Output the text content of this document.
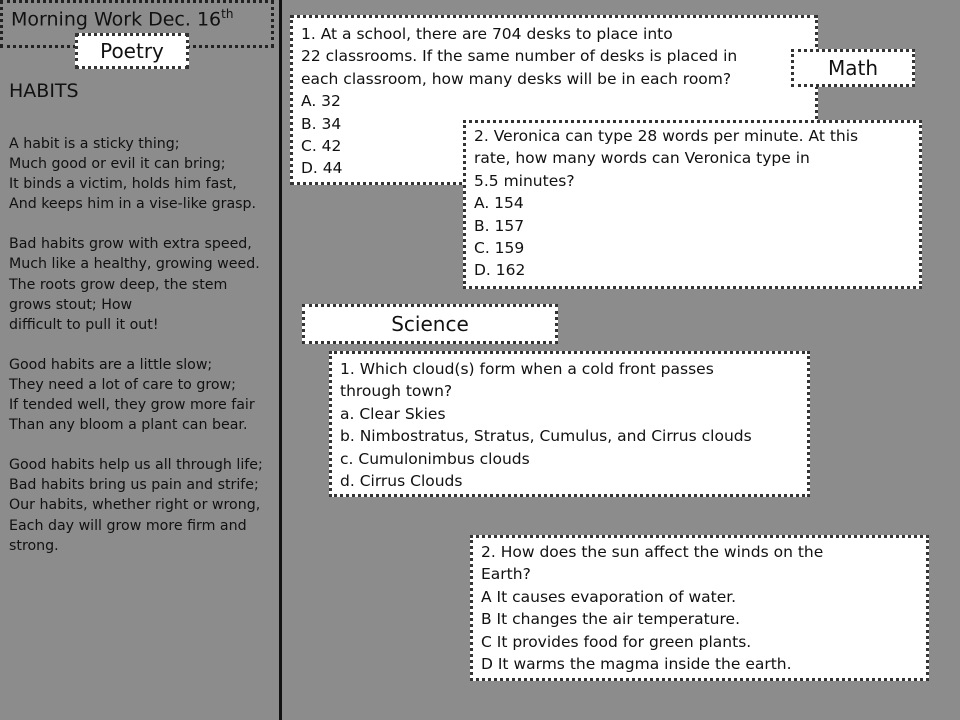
Morning Work Dec. 16th
Poetry
HABITS

A habit is a sticky thing;

Much good or evil it can bring;

It binds a victim, holds him fast,

And keeps him in a vise-like grasp.

Bad habits grow with extra speed,

Much like a healthy, growing weed.

The roots grow deep, the stem grows stout; How

difficult to pull it out!

Good habits are a little slow;

They need a lot of care to grow;

If tended well, they grow more fair

Than any bloom a plant can bear.

Good habits help us all through life;

Bad habits bring us pain and strife;

Our habits, whether right or wrong,

Each day will grow more firm and strong.

1. At a school, there are 704 desks to place into

22 classrooms. If the same number of desks is placed in

each classroom, how many desks will be in each room?

A. 32

B. 34

C. 42

D. 44

Math

2. Veronica can type 28 words per minute. At this

rate, how many words can Veronica type in

5.5 minutes?

A. 154

B. 157

C. 159

D. 162

Science

1. Which cloud(s) form when a cold front passes

through town?

a. Clear Skies

b. Nimbostratus, Stratus, Cumulus, and Cirrus clouds

c. Cumulonimbus clouds

d. Cirrus Clouds

2. How does the sun affect the winds on the

Earth?

A It causes evaporation of water.

B It changes the air temperature.

C It provides food for green plants.

D It warms the magma inside the earth.
